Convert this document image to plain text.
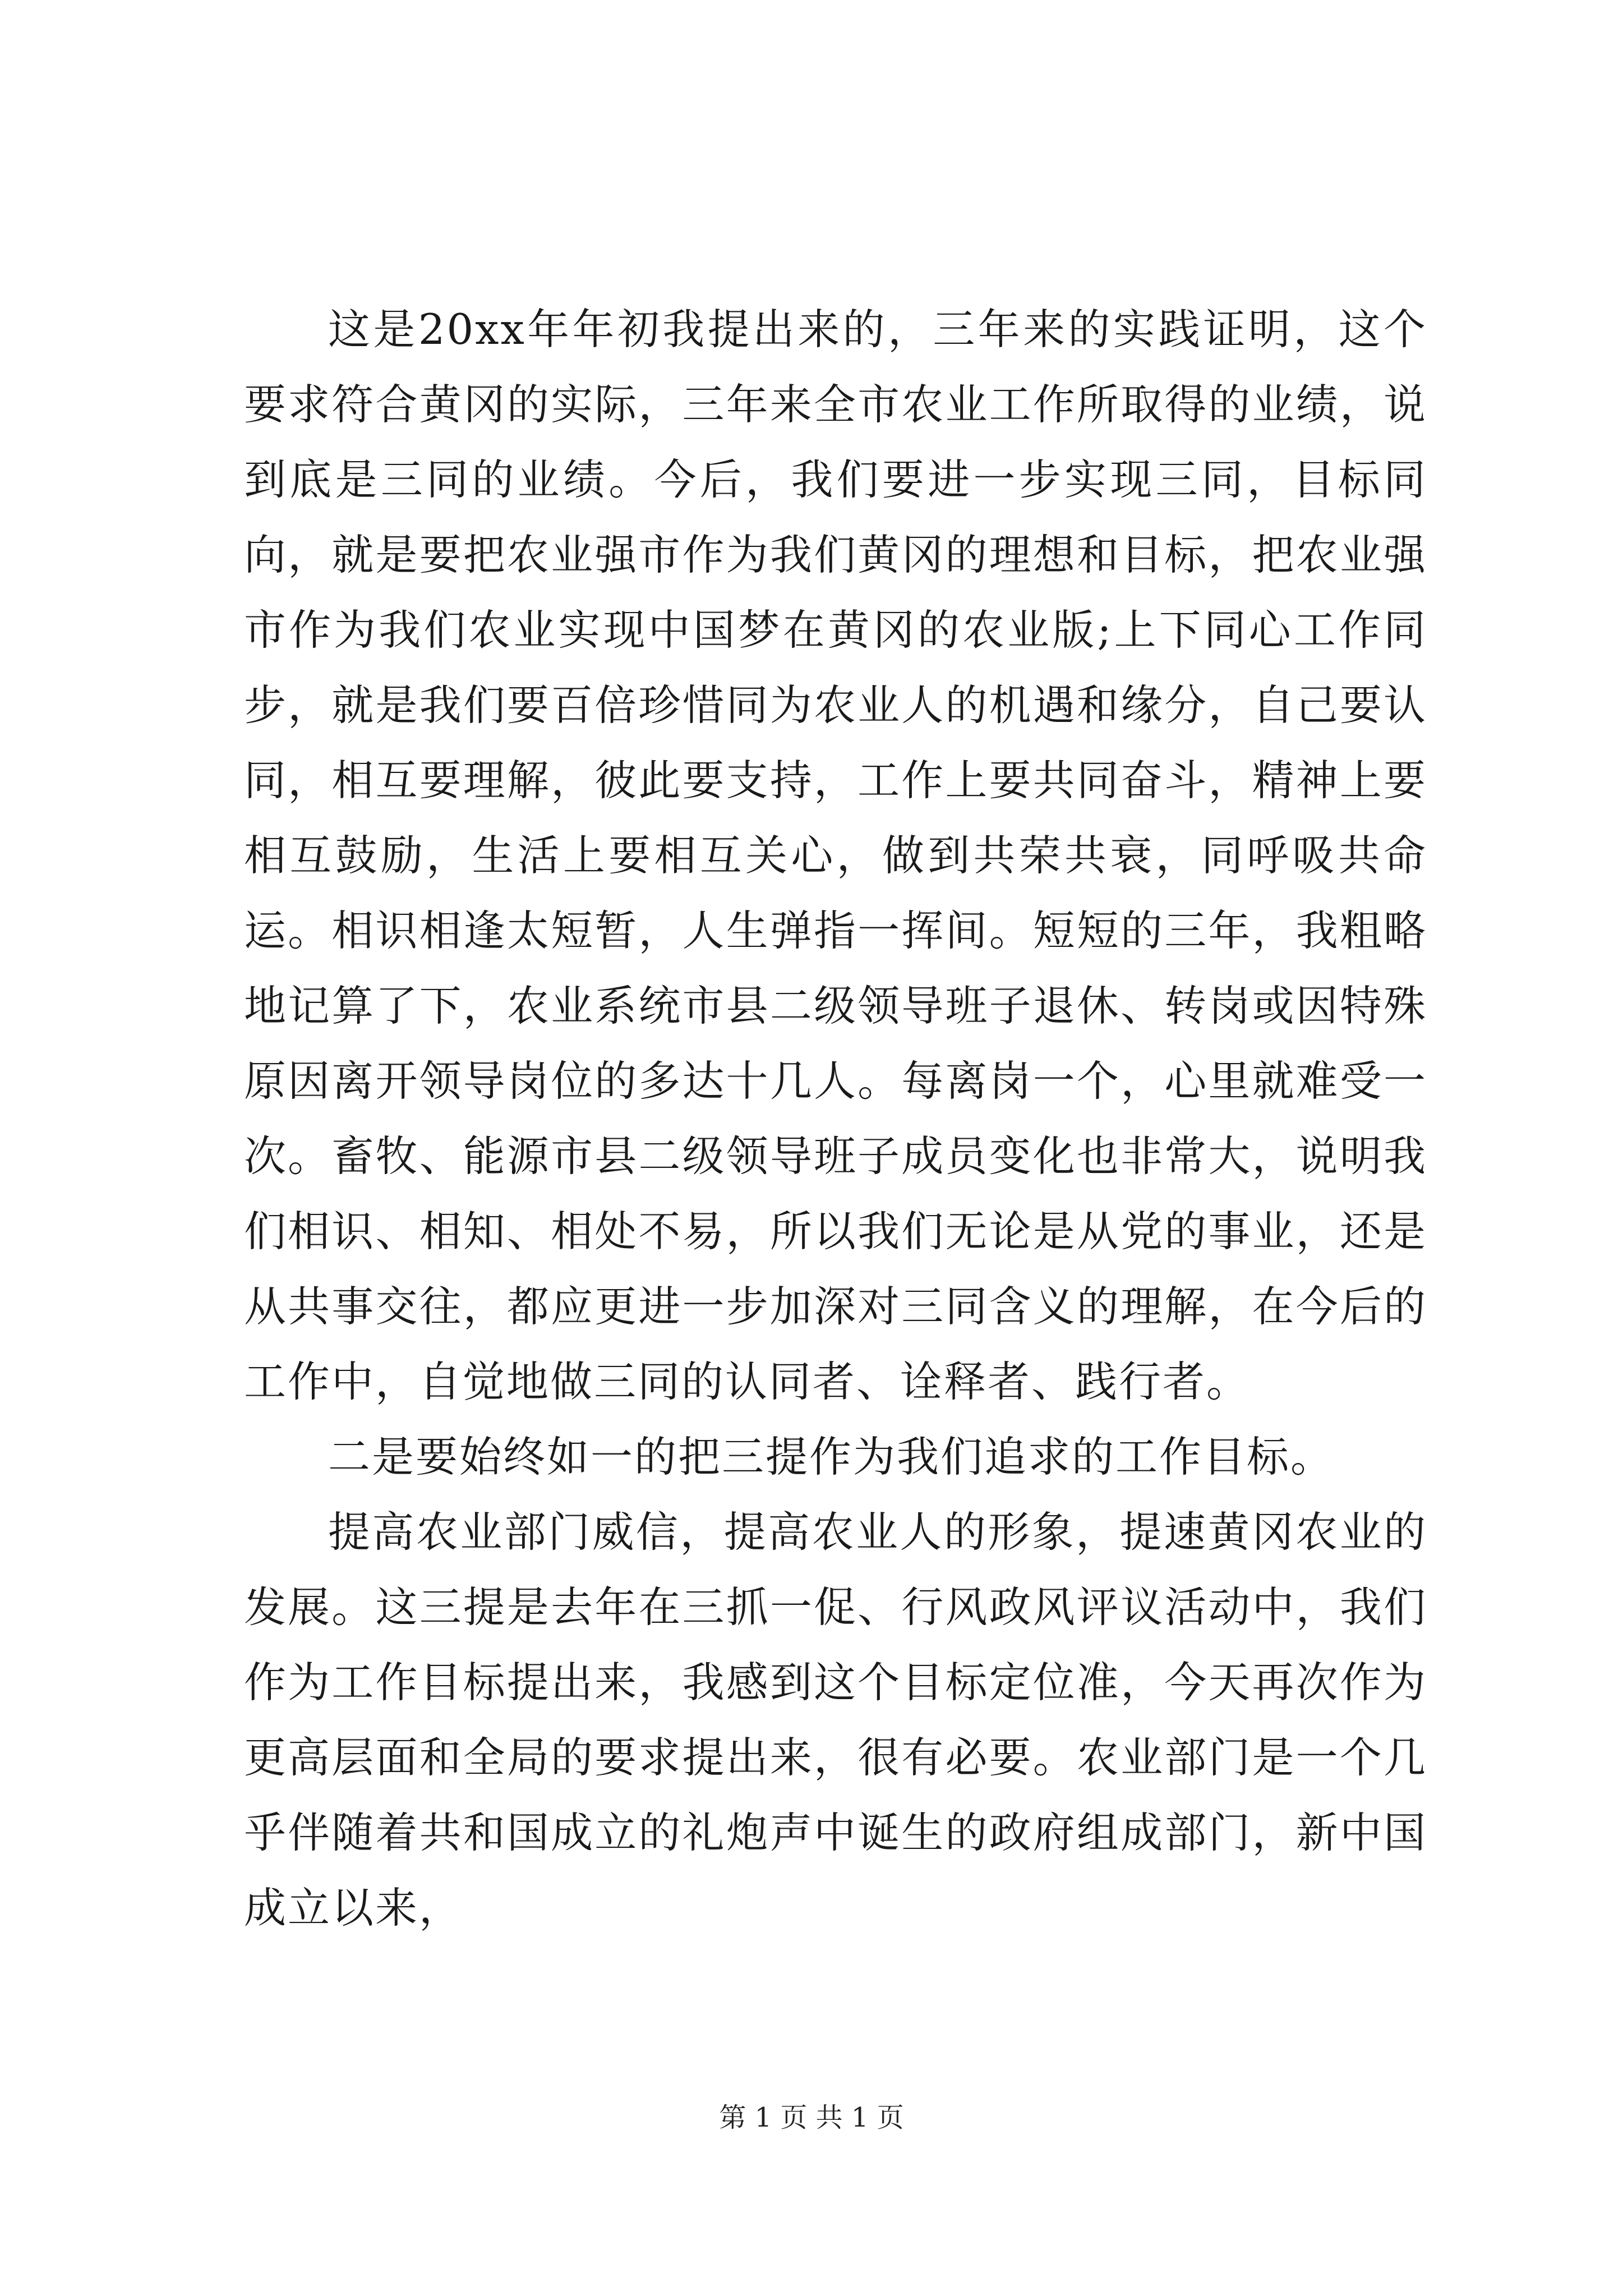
这是20xx年年初我提出来的，三年来的实践证明，这个要求符合黄冈的实际，三年来全市农业工作所取得的业绩，说到底是三同的业绩。今后，我们要进一步实现三同，目标同向，就是要把农业强市作为我们黄冈的理想和目标，把农业强市作为我们农业实现中国梦在黄冈的农业版;上下同心工作同步，就是我们要百倍珍惜同为农业人的机遇和缘分，自己要认同，相互要理解，彼此要支持，工作上要共同奋斗，精神上要相互鼓励，生活上要相互关心，做到共荣共衰，同呼吸共命运。相识相逢太短暂，人生弹指一挥间。短短的三年，我粗略地记算了下，农业系统市县二级领导班子退休、转岗或因特殊原因离开领导岗位的多达十几人。每离岗一个，心里就难受一次。畜牧、能源市县二级领导班子成员变化也非常大，说明我们相识、相知、相处不易，所以我们无论是从党的事业，还是从共事交往，都应更进一步加深对三同含义的理解，在今后的工作中，自觉地做三同的认同者、诠释者、践行者。

二是要始终如一的把三提作为我们追求的工作目标。

提高农业部门威信，提高农业人的形象，提速黄冈农业的发展。这三提是去年在三抓一促、行风政风评议活动中，我们作为工作目标提出来，我感到这个目标定位准，今天再次作为更高层面和全局的要求提出来，很有必要。农业部门是一个几乎伴随着共和国成立的礼炮声中诞生的政府组成部门，新中国成立以来，

第 1 页 共 1 页
